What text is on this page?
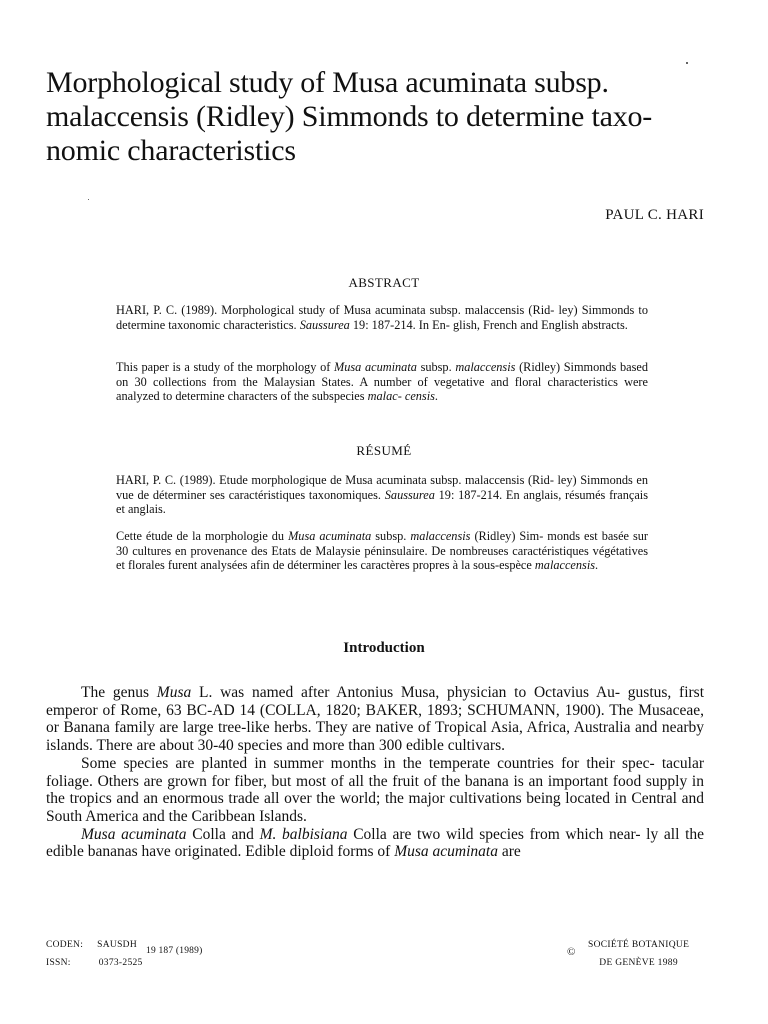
Morphological study of Musa acuminata subsp. malaccensis (Ridley) Simmonds to determine taxo- nomic characteristics

PAUL C. HARI

ABSTRACT

HARI, P. C. (1989). Morphological study of Musa acuminata subsp. malaccensis (Rid- ley) Simmonds to determine taxonomic characteristics. Saussurea 19: 187-214. In En- glish, French and English abstracts.

This paper is a study of the morphology of Musa acuminata subsp. malaccensis (Ridley) Simmonds based on 30 collections from the Malaysian States. A number of vegetative and floral characteristics were analyzed to determine characters of the subspecies malac- censis.

RÉSUMÉ

HARI, P. C. (1989). Etude morphologique de Musa acuminata subsp. malaccensis (Rid- ley) Simmonds en vue de déterminer ses caractéristiques taxonomiques. Saussurea 19: 187-214. En anglais, résumés français et anglais.

Cette étude de la morphologie du Musa acuminata subsp. malaccensis (Ridley) Sim- monds est basée sur 30 cultures en provenance des Etats de Malaysie péninsulaire. De nombreuses caractéristiques végétatives et florales furent analysées afin de déterminer les caractères propres à la sous-espèce malaccensis.

Introduction

The genus Musa L. was named after Antonius Musa, physician to Octavius Au- gustus, first emperor of Rome, 63 BC-AD 14 (COLLA, 1820; BAKER, 1893; SCHUMANN, 1900). The Musaceae, or Banana family are large tree-like herbs. They are native of Tropical Asia, Africa, Australia and nearby islands. There are about 30-40 species and more than 300 edible cultivars.

Some species are planted in summer months in the temperate countries for their spec- tacular foliage. Others are grown for fiber, but most of all the fruit of the banana is an important food supply in the tropics and an enormous trade all over the world; the major cultivations being located in Central and South America and the Caribbean Islands.

Musa acuminata Colla and M. balbisiana Colla are two wild species from which near- ly all the edible bananas have originated. Edible diploid forms of Musa acuminata are

CODEN: SAUSDH
ISSN:	0373-2525
19 187 (1989)	©
SOCIÉTÉ BOTANIQUE
DE GENÈVE 1989
